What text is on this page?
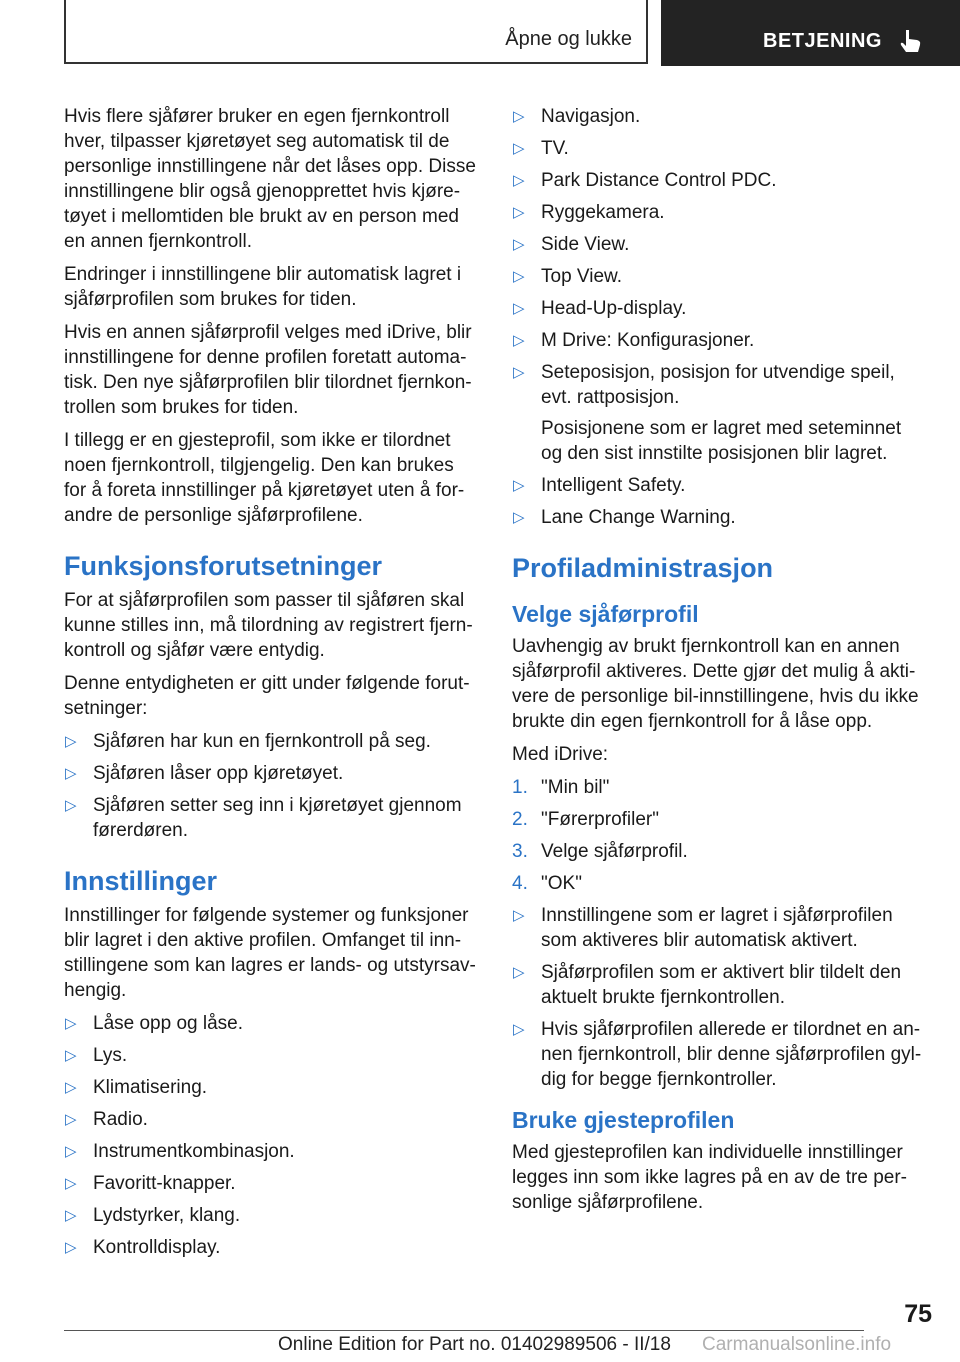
Åpne og lukke	BETJENING

Hvis flere sjåfører bruker en egen fjernkontroll hver, tilpasser kjøretøyet seg automatisk til de personlige innstillingene når det låses opp. Disse innstillingene blir også gjenopprettet hvis kjøre-tøyet i mellomtiden ble brukt av en person med en annen fjernkontroll.

Endringer i innstillingene blir automatisk lagret i sjåførprofilen som brukes for tiden.

Hvis en annen sjåførprofil velges med iDrive, blir innstillingene for denne profilen foretatt automa-tisk. Den nye sjåførprofilen blir tilordnet fjernkon-trollen som brukes for tiden.

I tillegg er en gjesteprofil, som ikke er tilordnet noen fjernkontroll, tilgjengelig. Den kan brukes for å foreta innstillinger på kjøretøyet uten å for-andre de personlige sjåførprofilene.

Funksjonsforutsetninger

For at sjåførprofilen som passer til sjåføren skal kunne stilles inn, må tilordning av registrert fjern-kontroll og sjåfør være entydig.

Denne entydigheten er gitt under følgende forut-setninger:

▷ Sjåføren har kun en fjernkontroll på seg.
▷ Sjåføren låser opp kjøretøyet.
▷ Sjåføren setter seg inn i kjøretøyet gjennom førerdøren.
Innstillinger

Innstillinger for følgende systemer og funksjoner blir lagret i den aktive profilen. Omfanget til inn-stillingene som kan lagres er lands- og utstyrsav-hengig.

▷ Låse opp og låse.
▷ Lys.
▷ Klimatisering.
▷ Radio.
▷ Instrumentkombinasjon.
▷ Favoritt-knapper.
▷ Lydstyrker, klang.
▷ Kontrolldisplay.
▷ Navigasjon.
▷ TV.
▷ Park Distance Control PDC.
▷ Ryggekamera.
▷ Side View.
▷ Top View.
▷ Head-Up-display.
▷ M Drive: Konfigurasjoner.
▷ Seteposisjon, posisjon for utvendige speil, evt. rattposisjon.
Posisjonene som er lagret med seteminnet og den sist innstilte posisjonen blir lagret.
▷ Intelligent Safety.
▷ Lane Change Warning.
Profiladministrasjon
Velge sjåførprofil

Uavhengig av brukt fjernkontroll kan en annen sjåførprofil aktiveres. Dette gjør det mulig å akti-vere de personlige bil-innstillingene, hvis du ikke brukte din egen fjernkontroll for å låse opp.

Med iDrive:

1. "Min bil"
2. "Førerprofiler"
3. Velge sjåførprofil.
4. "OK"
▷ Innstillingene som er lagret i sjåførprofilen som aktiveres blir automatisk aktivert.
▷ Sjåførprofilen som er aktivert blir tildelt den aktuelt brukte fjernkontrollen.
▷ Hvis sjåførprofilen allerede er tilordnet en an-nen fjernkontroll, blir denne sjåførprofilen gyl-dig for begge fjernkontroller.
Bruke gjesteprofilen

Med gjesteprofilen kan individuelle innstillinger legges inn som ikke lagres på en av de tre per-sonlige sjåførprofilene.

75
Online Edition for Part no. 01402989506 - II/18 Carmanualsonline.info
